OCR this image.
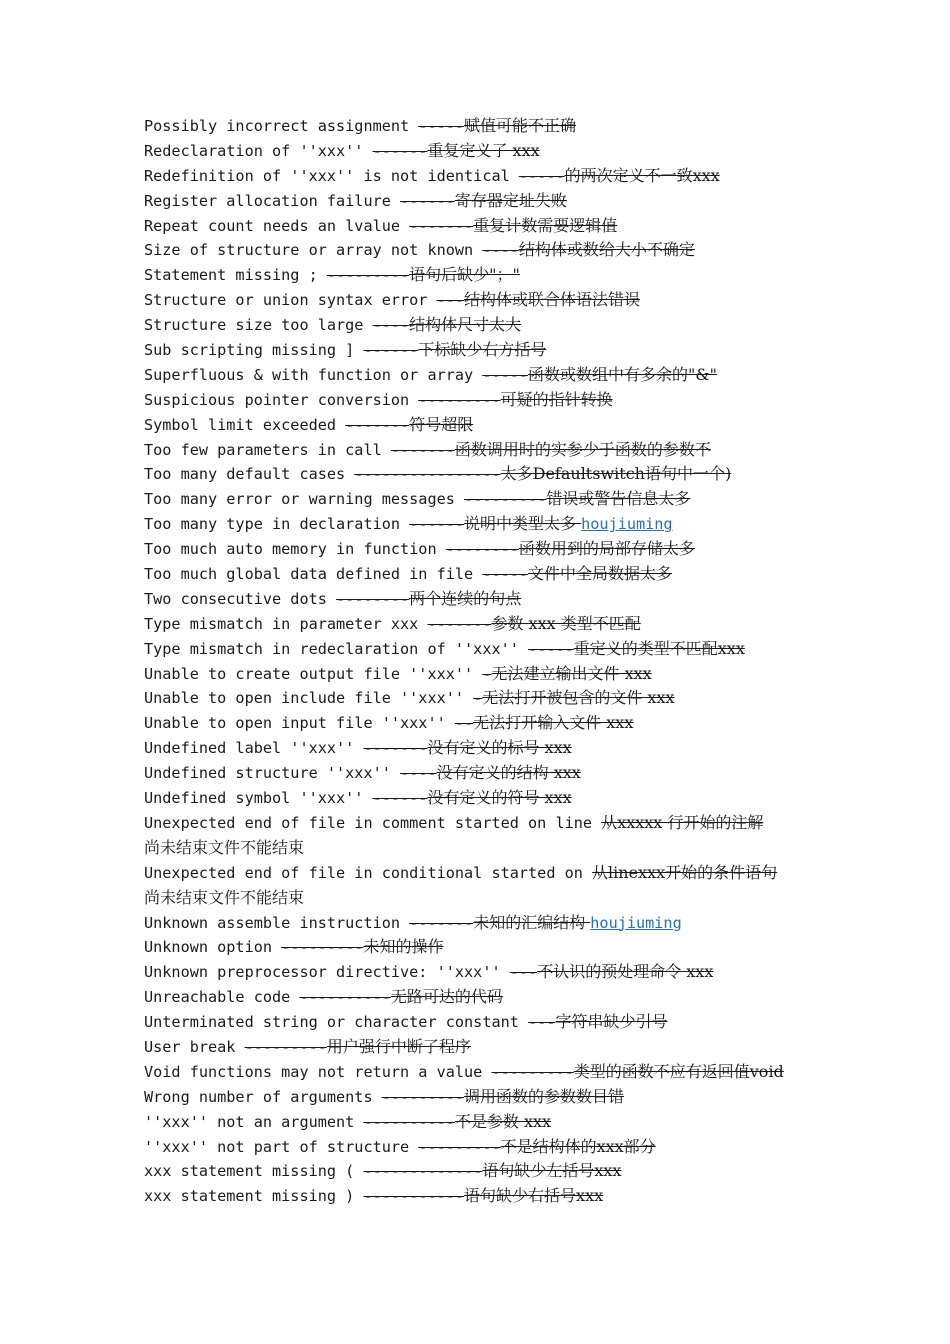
Possibly incorrect assignment -----赋值可能不正确
Redeclaration of ''xxx'' ------重复定义了 xxx
Redefinition of ''xxx'' is not identical -----的两次定义不一致xxx
Register allocation failure ------寄存器定址失败
Repeat count needs an lvalue -------重复计数需要逻辑值
Size of structure or array not known ----结构体或数给大小不确定
Statement missing ; ---------语句后缺少"；"
Structure or union syntax error ---结构体或联合体语法错误
Structure size too large ----结构体尺寸太大
Sub scripting missing ] ------下标缺少右方括号
Superfluous & with function or array -----函数或数组中有多余的"&"
Suspicious pointer conversion ---------可疑的指针转换
Symbol limit exceeded -------符号超限
Too few parameters in call -------函数调用时的实参少于函数的参数不
Too many default cases ----------------太多Defaultswitch语句中一个)
Too many error or warning messages ---------错误或警告信息太多
Too many type in declaration ------说明中类型太多 houjiuming
Too much auto memory in function --------函数用到的局部存储太多
Too much global data defined in file -----文件中全局数据太多
Two consecutive dots --------两个连续的句点
Type mismatch in parameter xxx -------参数 xxx 类型不匹配
Type mismatch in redeclaration of ''xxx'' -----重定义的类型不匹配xxx
Unable to create output file ''xxx'' -无法建立输出文件 xxx
Unable to open include file ''xxx'' -无法打开被包含的文件 xxx
Unable to open input file ''xxx'' --无法打开输入文件 xxx
Undefined label ''xxx'' -------没有定义的标号 xxx
Undefined structure ''xxx'' ----没有定义的结构 xxx
Undefined symbol ''xxx'' ------没有定义的符号 xxx
Unexpected end of file in comment started on line 从xxxxx 行开始的注解
尚未结束文件不能结束
Unexpected end of file in conditional started on 从linexxx开始的条件语句
尚未结束文件不能结束
Unknown assemble instruction -------未知的汇编结构 houjiuming
Unknown option ---------未知的操作
Unknown preprocessor directive: ''xxx'' ---不认识的预处理命令 xxx
Unreachable code ----------无路可达的代码
Unterminated string or character constant ---字符串缺少引号
User break ---------用户强行中断了程序
Void functions may not return a value ---------类型的函数不应有返回值void
Wrong number of arguments ---------调用函数的参数数目错
''xxx'' not an argument ----------不是参数 xxx
''xxx'' not part of structure ---------不是结构体的xxx部分
xxx statement missing ( -------------语句缺少左括号xxx
xxx statement missing ) -----------语句缺少右括号xxx
